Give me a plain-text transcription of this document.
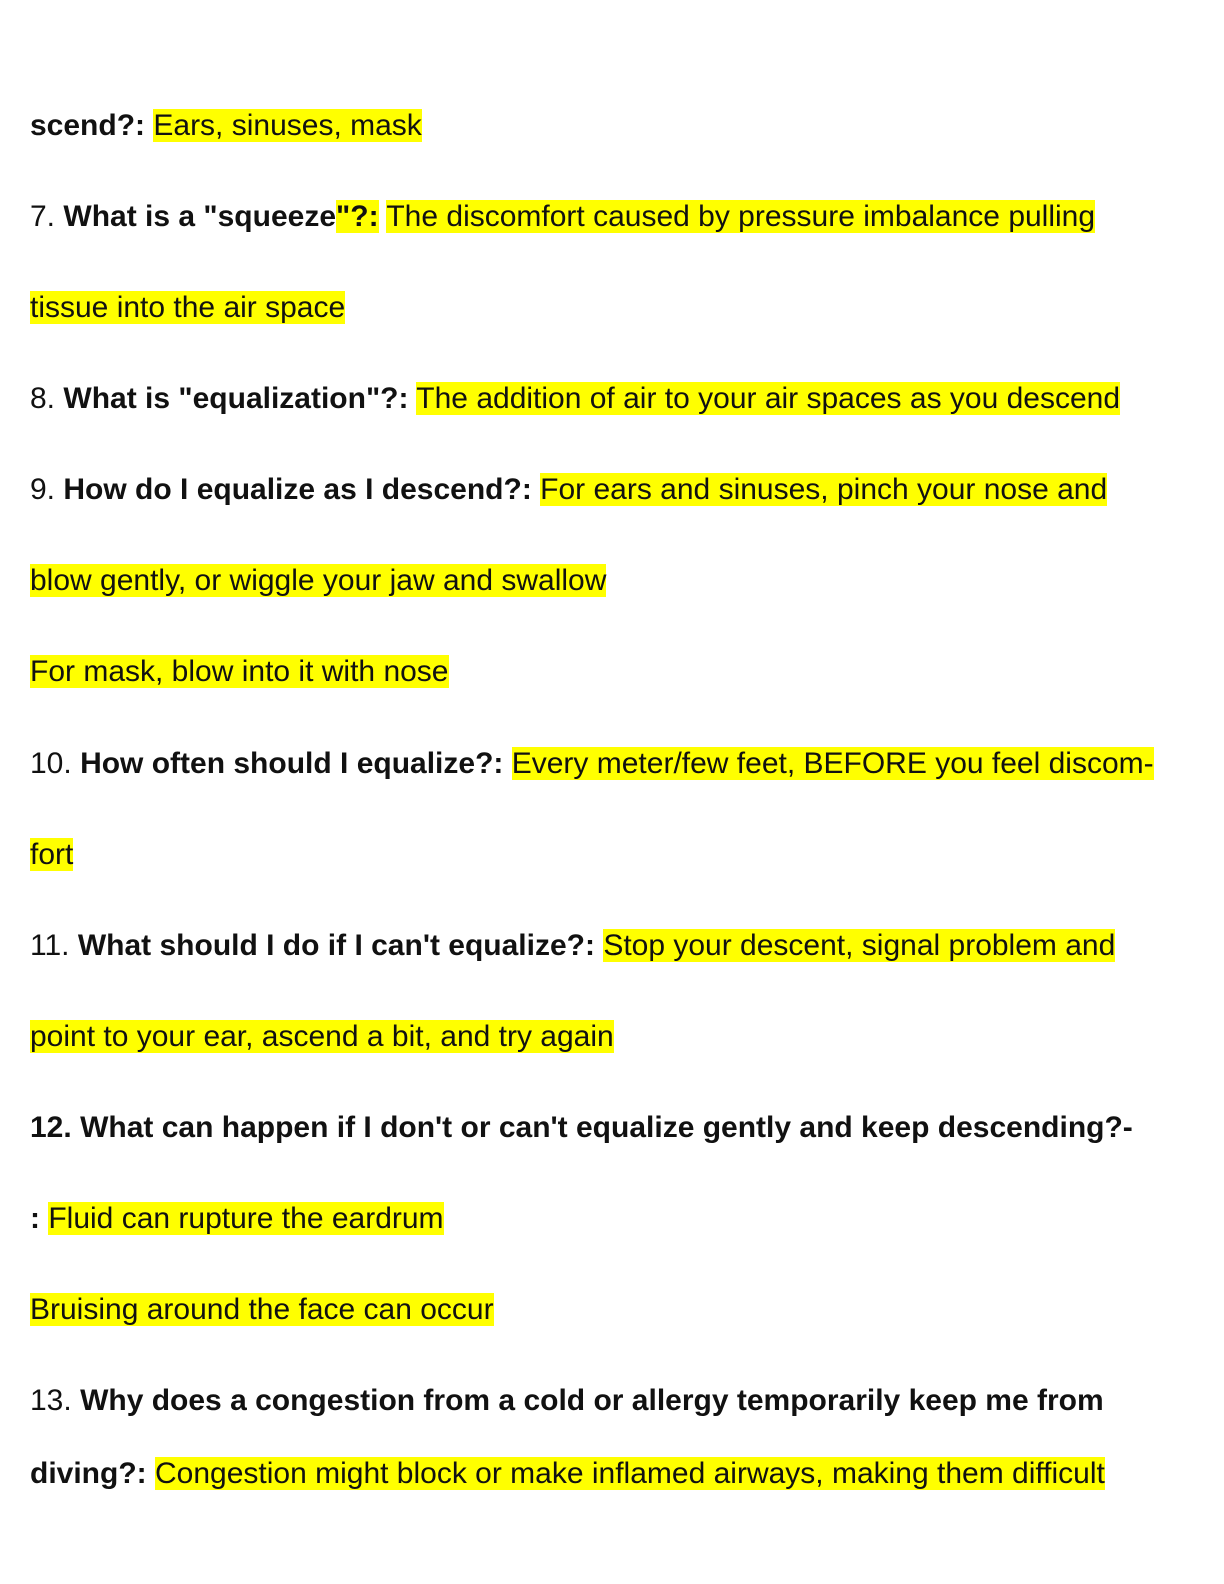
scend?: Ears, sinuses, mask
7. What is a "squeeze"?: The discomfort caused by pressure imbalance pulling
tissue into the air space
8. What is "equalization"?: The addition of air to your air spaces as you descend
9. How do I equalize as I descend?: For ears and sinuses, pinch your nose and
blow gently, or wiggle your jaw and swallow
For mask, blow into it with nose
10. How often should I equalize?: Every meter/few feet, BEFORE you feel discom-
fort
11. What should I do if I can't equalize?: Stop your descent, signal problem and
point to your ear, ascend a bit, and try again
12. What can happen if I don't or can't equalize gently and keep descending?-
: Fluid can rupture the eardrum
Bruising around the face can occur
13. Why does a congestion from a cold or allergy temporarily keep me from
diving?: Congestion might block or make inflamed airways, making them difficult
